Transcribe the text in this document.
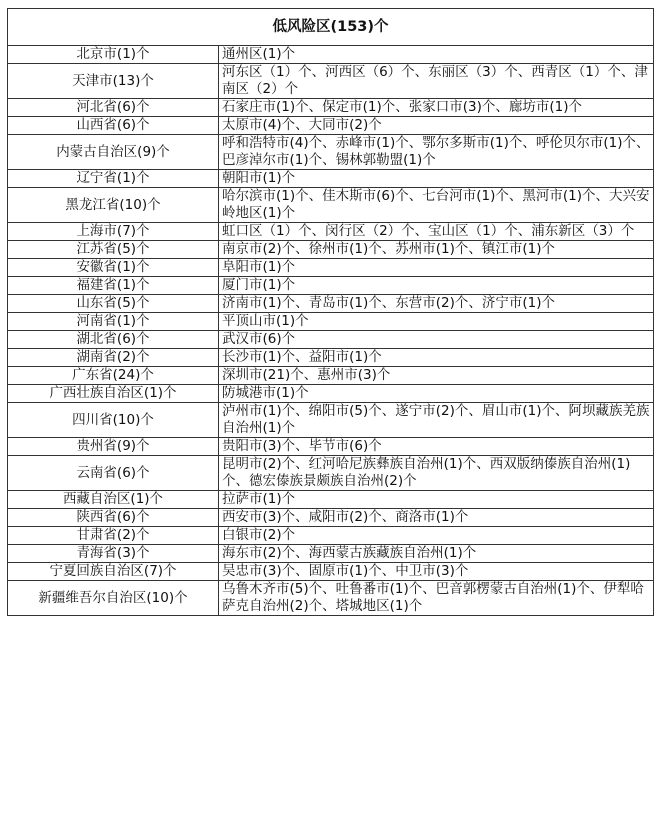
低风险区(153)个	
北京市(1)个	通州区(1)个
天津市(13)个	河东区（1）个、河西区（6）个、东丽区（3）个、西青区（1）个、津南区（2）个
河北省(6)个	石家庄市(1)个、保定市(1)个、张家口市(3)个、廊坊市(1)个
山西省(6)个	太原市(4)个、大同市(2)个
内蒙古自治区(9)个	呼和浩特市(4)个、赤峰市(1)个、鄂尔多斯市(1)个、呼伦贝尔市(1)个、巴彦淖尔市(1)个、锡林郭勒盟(1)个
辽宁省(1)个	朝阳市(1)个
黑龙江省(10)个	哈尔滨市(1)个、佳木斯市(6)个、七台河市(1)个、黑河市(1)个、大兴安岭地区(1)个
上海市(7)个	虹口区（1）个、闵行区（2）个、宝山区（1）个、浦东新区（3）个
江苏省(5)个	南京市(2)个、徐州市(1)个、苏州市(1)个、镇江市(1)个
安徽省(1)个	阜阳市(1)个
福建省(1)个	厦门市(1)个
山东省(5)个	济南市(1)个、青岛市(1)个、东营市(2)个、济宁市(1)个
河南省(1)个	平顶山市(1)个
湖北省(6)个	武汉市(6)个
湖南省(2)个	长沙市(1)个、益阳市(1)个
广东省(24)个	深圳市(21)个、惠州市(3)个
广西壮族自治区(1)个	防城港市(1)个
四川省(10)个	泸州市(1)个、绵阳市(5)个、遂宁市(2)个、眉山市(1)个、阿坝藏族羌族自治州(1)个
贵州省(9)个	贵阳市(3)个、毕节市(6)个
云南省(6)个	昆明市(2)个、红河哈尼族彝族自治州(1)个、西双版纳傣族自治州(1)个、德宏傣族景颇族自治州(2)个
西藏自治区(1)个	拉萨市(1)个
陕西省(6)个	西安市(3)个、咸阳市(2)个、商洛市(1)个
甘肃省(2)个	白银市(2)个
青海省(3)个	海东市(2)个、海西蒙古族藏族自治州(1)个
宁夏回族自治区(7)个	吴忠市(3)个、固原市(1)个、中卫市(3)个
新疆维吾尔自治区(10)个	乌鲁木齐市(5)个、吐鲁番市(1)个、巴音郭楞蒙古自治州(1)个、伊犁哈萨克自治州(2)个、塔城地区(1)个
